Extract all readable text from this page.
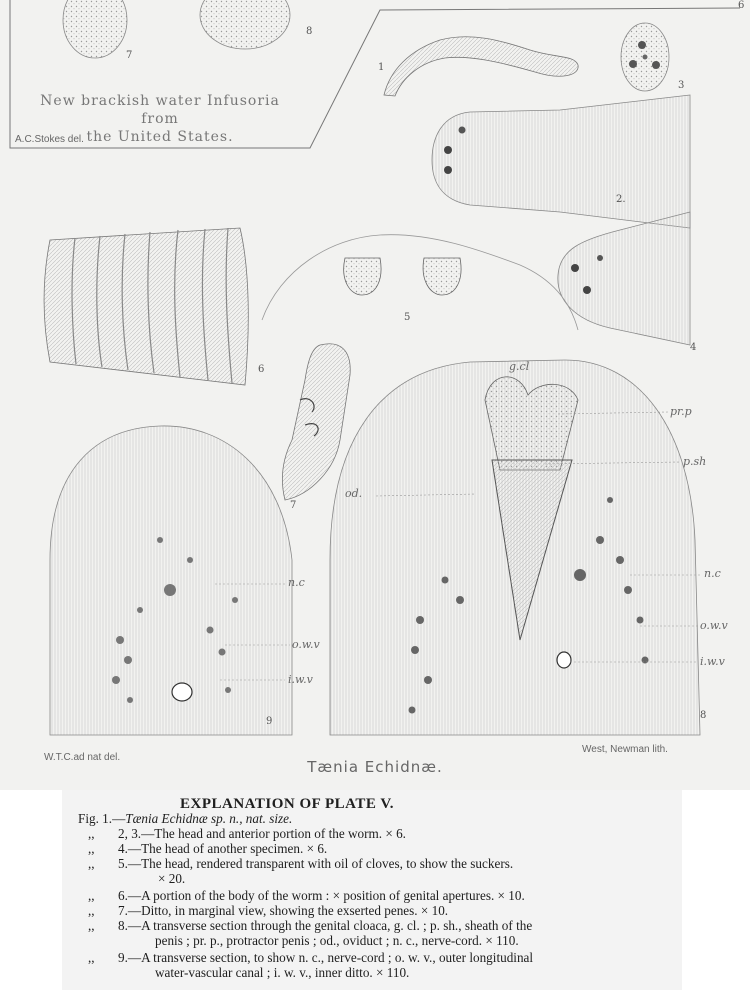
6
7
8
New brackish water Infusoria from
the United States.
A.C.Stokes del.
1
2.
3
4
5
6
7
8
9
g.cl
pr.p
p.sh
od.
n.c
o.w.v
i.w.v
n.c
o.w.v
i.w.v
W.T.C.ad nat del.
West, Newman lith.
Tænia Echidnæ.
EXPLANATION OF PLATE V.
Fig. 1.—Tænia Echidnæ sp. n., nat. size.
,, 2, 3.—The head and anterior portion of the worm. × 6.
,, 4.—The head of another specimen. × 6.
,, 5.—The head, rendered transparent with oil of cloves, to show the suckers.
× 20.
,, 6.—A portion of the body of the worm : × position of genital apertures. × 10.
,, 7.—Ditto, in marginal view, showing the exserted penes. × 10.
,, 8.—A transverse section through the genital cloaca, g. cl. ; p. sh., sheath of the
penis ; pr. p., protractor penis ; od., oviduct ; n. c., nerve-cord. × 110.
,, 9.—A transverse section, to show n. c., nerve-cord ; o. w. v., outer longitudinal
water-vascular canal ; i. w. v., inner ditto. × 110.
